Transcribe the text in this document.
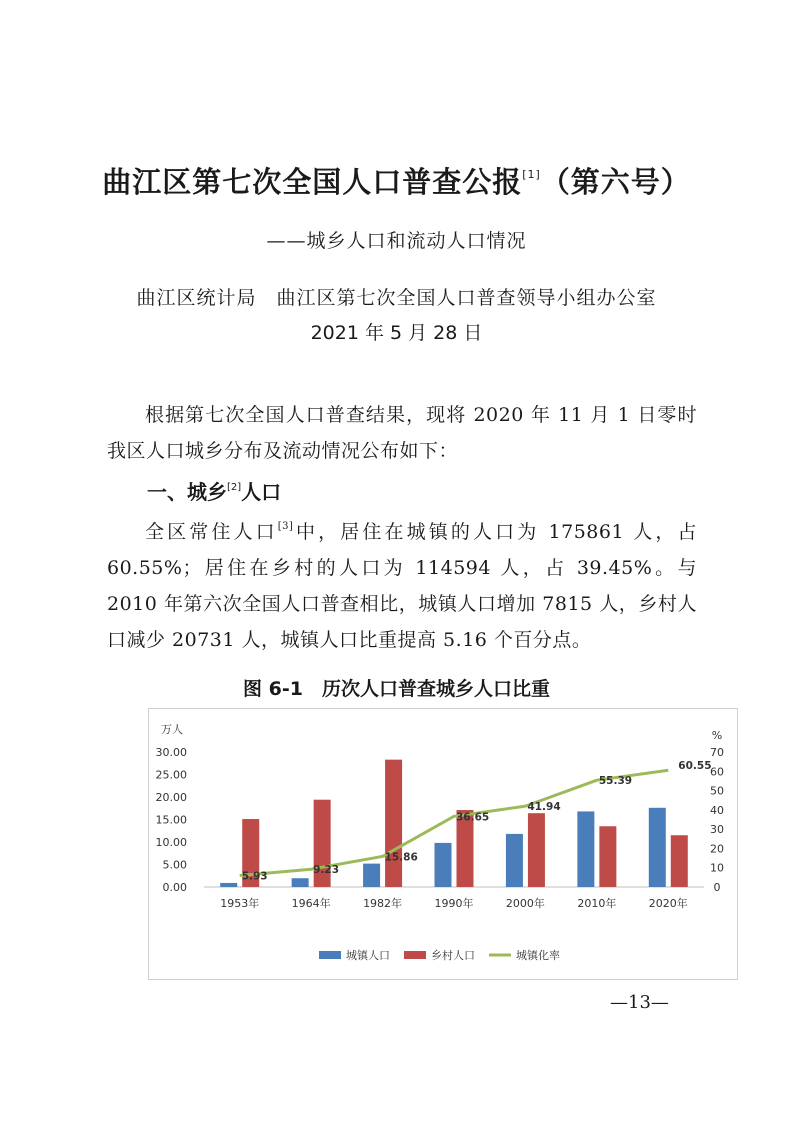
曲江区第七次全国人口普查公报[1]（第六号）
——城乡人口和流动人口情况
曲江区统计局　曲江区第七次全国人口普查领导小组办公室
2021 年 5 月 28 日
根据第七次全国人口普查结果，现将 2020 年 11 月 1 日零时我区人口城乡分布及流动情况公布如下：
一、城乡[2]人口
全区常住人口[3]中，居住在城镇的人口为 175861 人，占 60.55%；居住在乡村的人口为 114594 人，占 39.45%。与 2010 年第六次全国人口普查相比，城镇人口增加 7815 人，乡村人口减少 20731 人，城镇人口比重提高 5.16 个百分点。
图 6-1　历次人口普查城乡人口比重
万人	%
0.00
5.00
10.00
15.00
20.00
25.00
30.00
0
10
20
30
40
50
60
70
1953年	1964年	1982年	1990年	2000年	2010年	2020年
5.93
9.23
15.86
36.65
41.94
55.39
60.55
城镇人口	乡村人口	城镇化率
—13—
